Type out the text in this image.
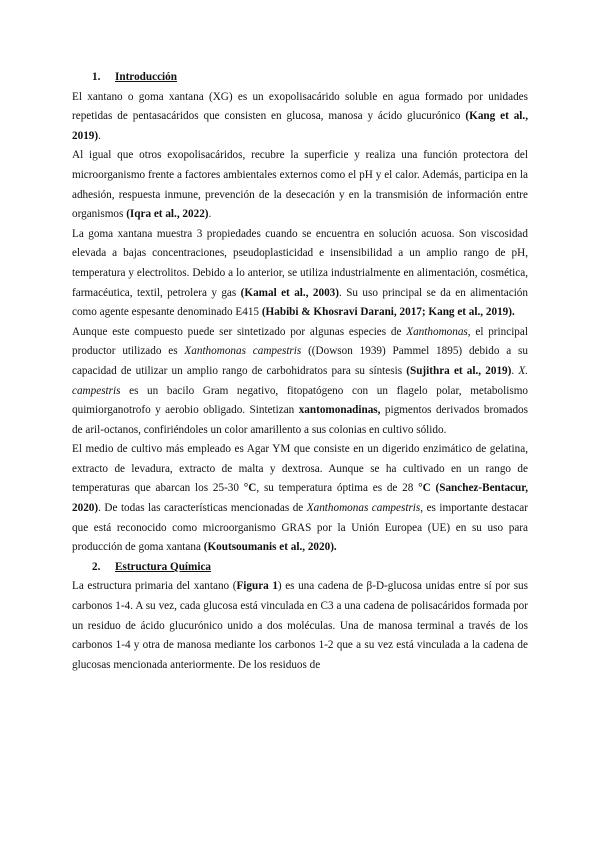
1. Introducción

El xantano o goma xantana (XG) es un exopolisacárido soluble en agua formado por unidades repetidas de pentasacáridos que consisten en glucosa, manosa y ácido glucurónico (Kang et al., 2019).

Al igual que otros exopolisacáridos, recubre la superficie y realiza una función protectora del microorganismo frente a factores ambientales externos como el pH y el calor. Además, participa en la adhesión, respuesta inmune, prevención de la desecación y en la transmisión de información entre organismos (Iqra et al., 2022).

La goma xantana muestra 3 propiedades cuando se encuentra en solución acuosa. Son viscosidad elevada a bajas concentraciones, pseudoplasticidad e insensibilidad a un amplio rango de pH, temperatura y electrolitos. Debido a lo anterior, se utiliza industrialmente en alimentación, cosmética, farmacéutica, textil, petrolera y gas (Kamal et al., 2003). Su uso principal se da en alimentación como agente espesante denominado E415 (Habibi & Khosravi Darani, 2017; Kang et al., 2019).

Aunque este compuesto puede ser sintetizado por algunas especies de Xanthomonas, el principal productor utilizado es Xanthomonas campestris ((Dowson 1939) Pammel 1895) debido a su capacidad de utilizar un amplio rango de carbohidratos para su síntesis (Sujithra et al., 2019). X. campestris es un bacilo Gram negativo, fitopatógeno con un flagelo polar, metabolismo quimiorganotrofo y aerobio obligado. Sintetizan xantomonadinas, pigmentos derivados bromados de aril-octanos, confiriéndoles un color amarillento a sus colonias en cultivo sólido.

El medio de cultivo más empleado es Agar YM que consiste en un digerido enzimático de gelatina, extracto de levadura, extracto de malta y dextrosa. Aunque se ha cultivado en un rango de temperaturas que abarcan los 25-30 °C, su temperatura óptima es de 28 °C (Sanchez-Bentacur, 2020). De todas las características mencionadas de Xanthomonas campestris, es importante destacar que está reconocido como microorganismo GRAS por la Unión Europea (UE) en su uso para producción de goma xantana (Koutsoumanis et al., 2020).

2. Estructura Química

La estructura primaria del xantano (Figura 1) es una cadena de β-D-glucosa unidas entre sí por sus carbonos 1-4. A su vez, cada glucosa está vinculada en C3 a una cadena de polisacáridos formada por un residuo de ácido glucurónico unido a dos moléculas. Una de manosa terminal a través de los carbonos 1-4 y otra de manosa mediante los carbonos 1-2 que a su vez está vinculada a la cadena de glucosas mencionada anteriormente. De los residuos de
